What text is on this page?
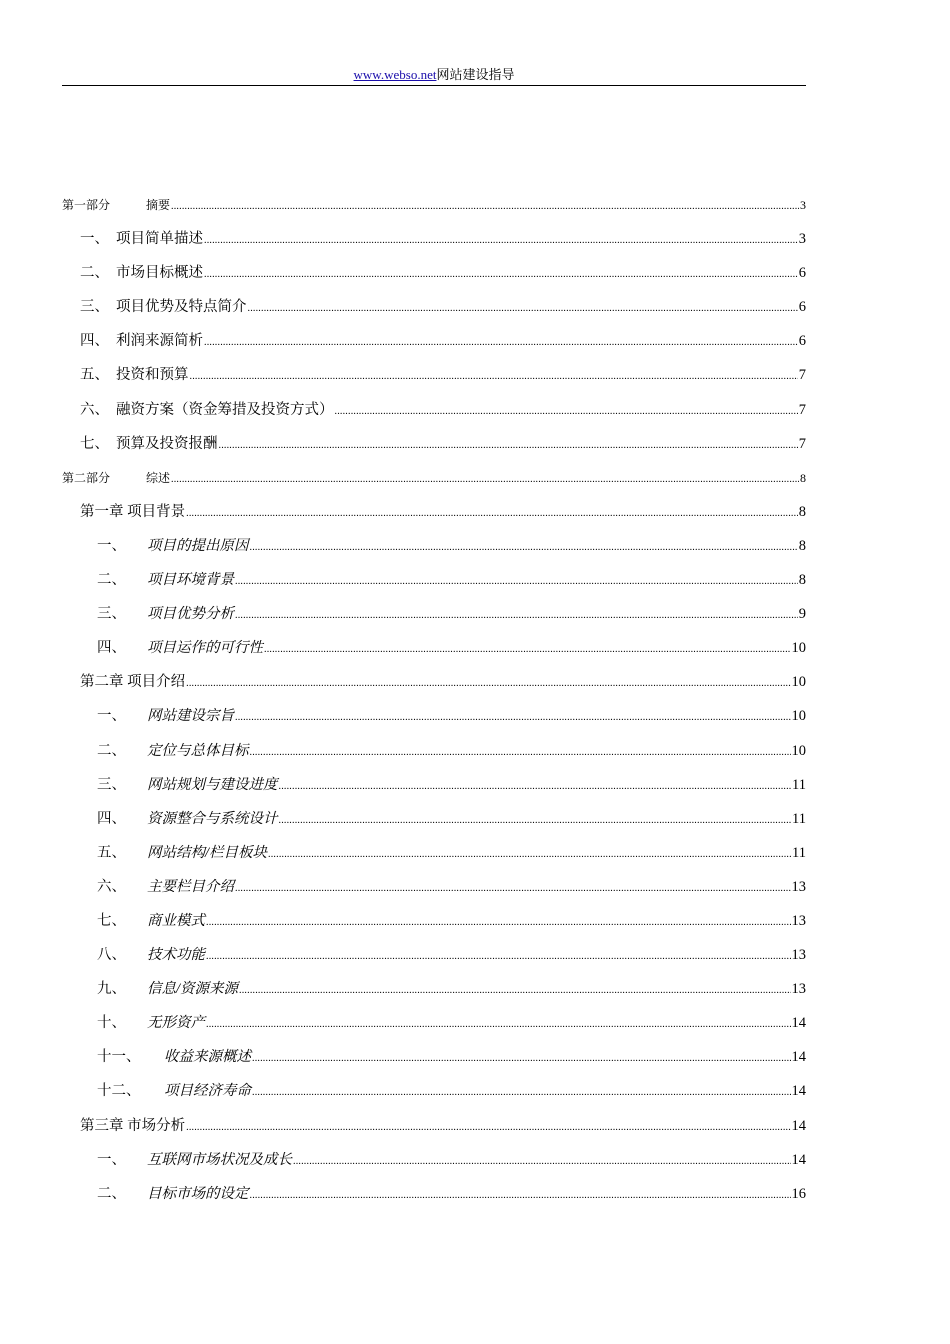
www.webso.net网站建设指导
第一部分	摘要 .....	3
一、 项目简单描述 .....	3
二、 市场目标概述 .....	6
三、 项目优势及特点简介 .....	6
四、 利润来源简析 .....	6
五、 投资和预算 .....	7
六、 融资方案（资金筹措及投资方式） .....	7
七、 预算及投资报酬 .....	7
第二部分	综述 .....	8
第一章 项目背景 .....	8
一、	项目的提出原因 .....	8
二、	项目环境背景 .....	8
三、	项目优势分析 .....	9
四、	项目运作的可行性 .....	10
第二章 项目介绍 .....	10
一、	网站建设宗旨 .....	10
二、	定位与总体目标 .....	10
三、	网站规划与建设进度 .....	11
四、	资源整合与系统设计 .....	11
五、	网站结构/栏目板块 .....	11
六、	主要栏目介绍 .....	13
七、	商业模式 .....	13
八、	技术功能 .....	13
九、	信息/资源来源 .....	13
十、	无形资产 .....	14
十一、	收益来源概述 .....	14
十二、	项目经济寿命 .....	14
第三章 市场分析 .....	14
一、	互联网市场状况及成长 .....	14
二、	目标市场的设定 .....	16
